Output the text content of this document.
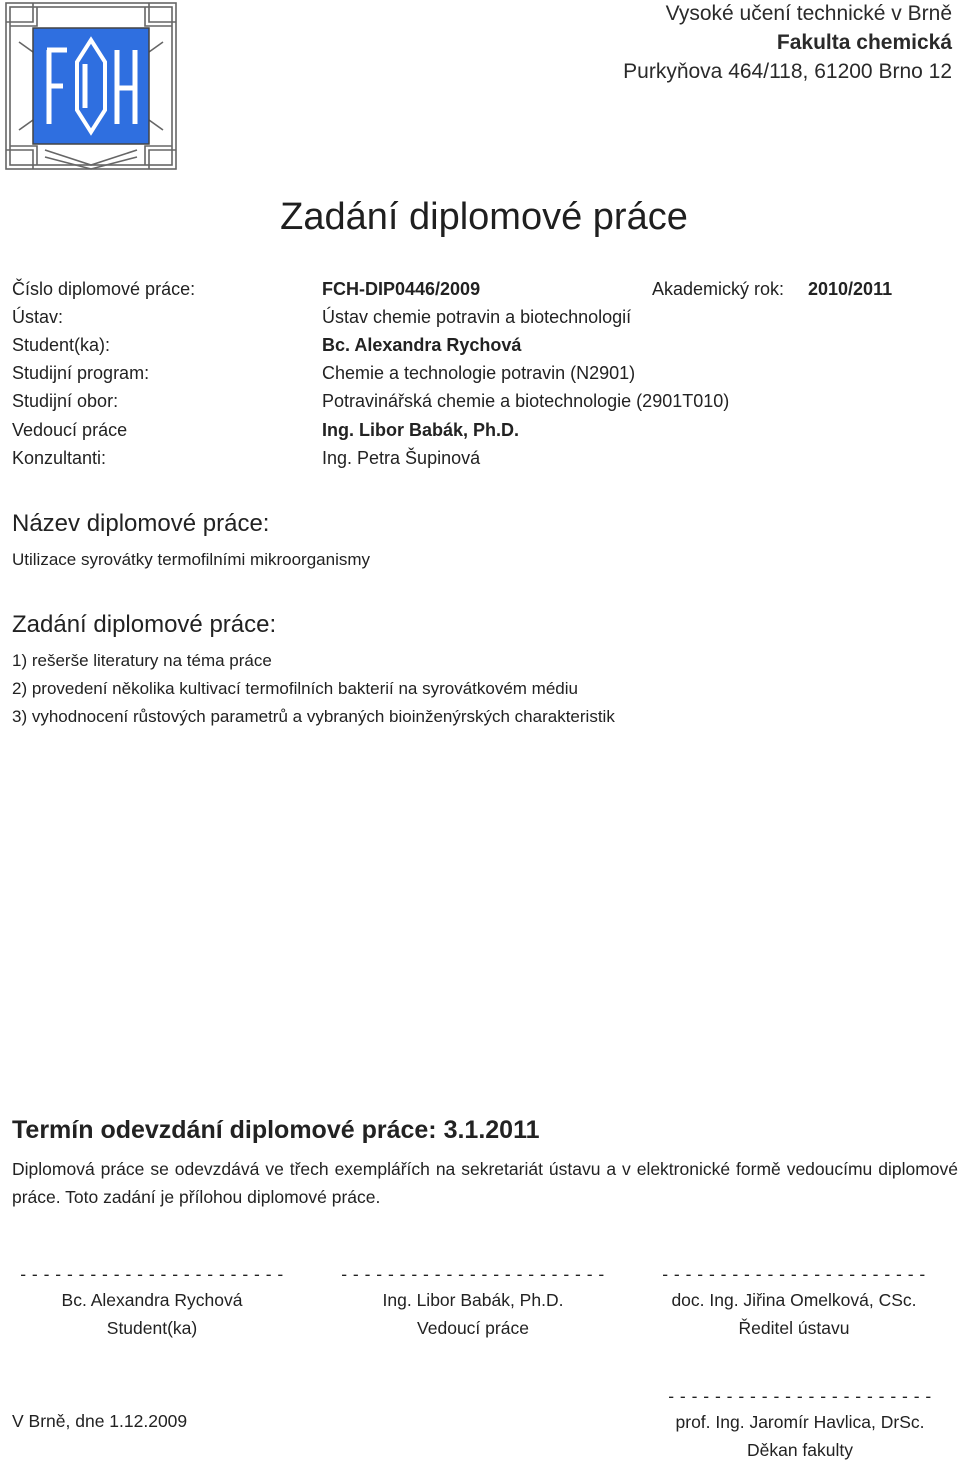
Vysoké učení technické v Brně
Fakulta chemická
Purkyňova 464/118, 61200 Brno 12
Zadání diplomové práce
Číslo diplomové práce:	FCH-DIP0446/2009	Akademický rok: 2010/2011
Ústav:	Ústav chemie potravin a biotechnologií
Student(ka):	Bc. Alexandra Rychová
Studijní program:	Chemie a technologie potravin (N2901)
Studijní obor:	Potravinářská chemie a biotechnologie (2901T010)
Vedoucí práce	Ing. Libor Babák, Ph.D.
Konzultanti:	Ing. Petra Šupinová
Název diplomové práce:
Utilizace syrovátky termofilními mikroorganismy
Zadání diplomové práce:
1) rešerše literatury na téma práce
2) provedení několika kultivací termofilních bakterií na syrovátkovém médiu
3) vyhodnocení růstových parametrů a vybraných bioinženýrských charakteristik
Termín odevzdání diplomové práce: 3.1.2011
Diplomová práce se odevzdává ve třech exemplářích na sekretariát ústavu a v elektronické formě vedoucímu diplomové práce. Toto zadání je přílohou diplomové práce.
- - - - - - - - - - - - - - - - - - - - - - -
Bc. Alexandra Rychová
Student(ka)
- - - - - - - - - - - - - - - - - - - - - - -
Ing. Libor Babák, Ph.D.
Vedoucí práce
- - - - - - - - - - - - - - - - - - - - - - -
doc. Ing. Jiřina Omelková, CSc.
Ředitel ústavu
V Brně, dne 1.12.2009
- - - - - - - - - - - - - - - - - - - - - - -
prof. Ing. Jaromír Havlica, DrSc.
Děkan fakulty
